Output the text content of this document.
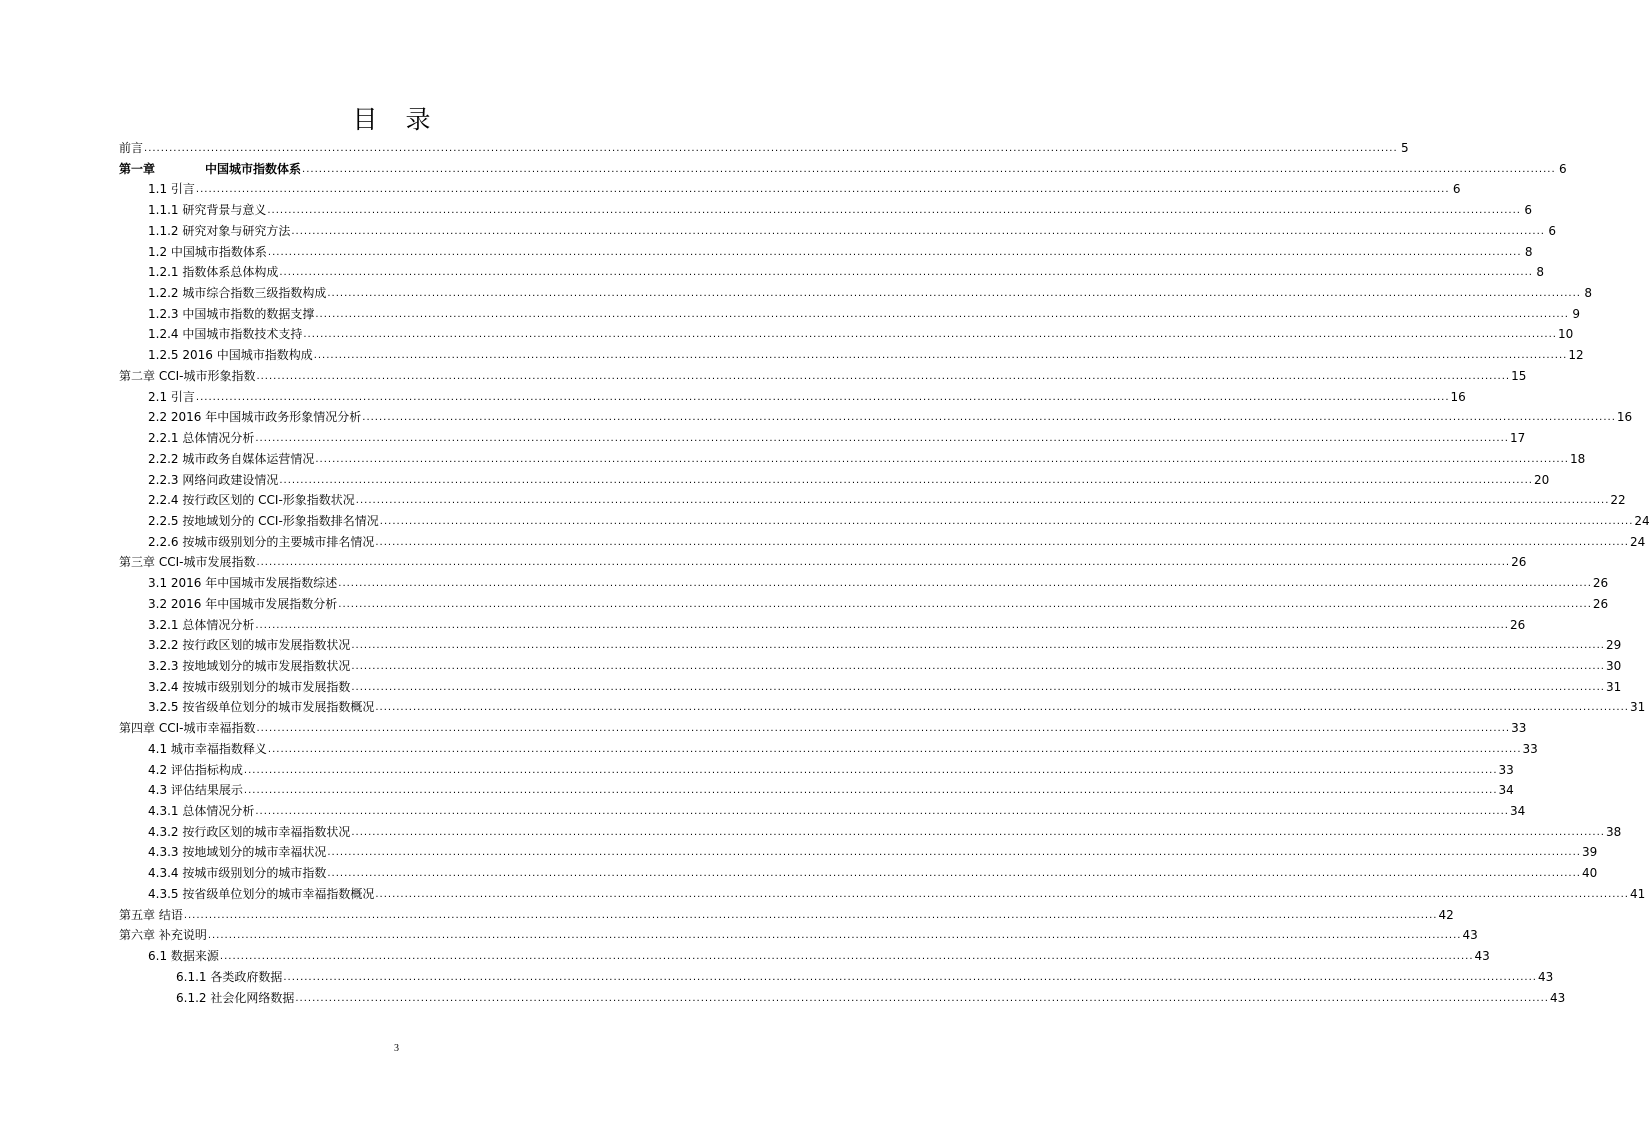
目 录
前言 ............................................................................................................................................................................................................................................................................................................ 5
第一章	中国城市指数体系 ............................................................................................................................................................................................................................................................................................................ 6
1.1 引言 ............................................................................................................................................................................................................................................................................................................ 6
1.1.1 研究背景与意义 ............................................................................................................................................................................................................................................................................................................ 6
1.1.2 研究对象与研究方法 ............................................................................................................................................................................................................................................................................................................ 6
1.2 中国城市指数体系 ............................................................................................................................................................................................................................................................................................................ 8
1.2.1 指数体系总体构成 ............................................................................................................................................................................................................................................................................................................ 8
1.2.2 城市综合指数三级指数构成 ............................................................................................................................................................................................................................................................................................................ 8
1.2.3 中国城市指数的数据支撑 ............................................................................................................................................................................................................................................................................................................ 9
1.2.4 中国城市指数技术支持 ............................................................................................................................................................................................................................................................................................................ 10
1.2.5 2016 中国城市指数构成 ............................................................................................................................................................................................................................................................................................................ 12
第二章 CCI-城市形象指数 ............................................................................................................................................................................................................................................................................................................ 15
2.1 引言 ............................................................................................................................................................................................................................................................................................................ 16
2.2 2016 年中国城市政务形象情况分析 ............................................................................................................................................................................................................................................................................................................ 16
2.2.1 总体情况分析 ............................................................................................................................................................................................................................................................................................................ 17
2.2.2 城市政务自媒体运营情况 ............................................................................................................................................................................................................................................................................................................ 18
2.2.3 网络问政建设情况 ............................................................................................................................................................................................................................................................................................................ 20
2.2.4 按行政区划的 CCI-形象指数状况 ............................................................................................................................................................................................................................................................................................................ 22
2.2.5 按地域划分的 CCI-形象指数排名情况 ............................................................................................................................................................................................................................................................................................................ 24
2.2.6 按城市级别划分的主要城市排名情况 ............................................................................................................................................................................................................................................................................................................ 24
第三章 CCI-城市发展指数 ............................................................................................................................................................................................................................................................................................................ 26
3.1 2016 年中国城市发展指数综述 ............................................................................................................................................................................................................................................................................................................ 26
3.2 2016 年中国城市发展指数分析 ............................................................................................................................................................................................................................................................................................................ 26
3.2.1 总体情况分析 ............................................................................................................................................................................................................................................................................................................ 26
3.2.2 按行政区划的城市发展指数状况 ............................................................................................................................................................................................................................................................................................................ 29
3.2.3 按地域划分的城市发展指数状况 ............................................................................................................................................................................................................................................................................................................ 30
3.2.4 按城市级别划分的城市发展指数 ............................................................................................................................................................................................................................................................................................................ 31
3.2.5 按省级单位划分的城市发展指数概况 ............................................................................................................................................................................................................................................................................................................ 31
第四章 CCI-城市幸福指数 ............................................................................................................................................................................................................................................................................................................ 33
4.1 城市幸福指数释义 ............................................................................................................................................................................................................................................................................................................ 33
4.2 评估指标构成 ............................................................................................................................................................................................................................................................................................................ 33
4.3 评估结果展示 ............................................................................................................................................................................................................................................................................................................ 34
4.3.1 总体情况分析 ............................................................................................................................................................................................................................................................................................................ 34
4.3.2 按行政区划的城市幸福指数状况 ............................................................................................................................................................................................................................................................................................................ 38
4.3.3 按地域划分的城市幸福状况 ............................................................................................................................................................................................................................................................................................................ 39
4.3.4 按城市级别划分的城市指数 ............................................................................................................................................................................................................................................................................................................ 40
4.3.5 按省级单位划分的城市幸福指数概况 ............................................................................................................................................................................................................................................................................................................ 41
第五章 结语 ............................................................................................................................................................................................................................................................................................................ 42
第六章 补充说明 ............................................................................................................................................................................................................................................................................................................ 43
6.1 数据来源 ............................................................................................................................................................................................................................................................................................................ 43
6.1.1 各类政府数据 ............................................................................................................................................................................................................................................................................................................ 43
6.1.2 社会化网络数据 ............................................................................................................................................................................................................................................................................................................ 43
3
